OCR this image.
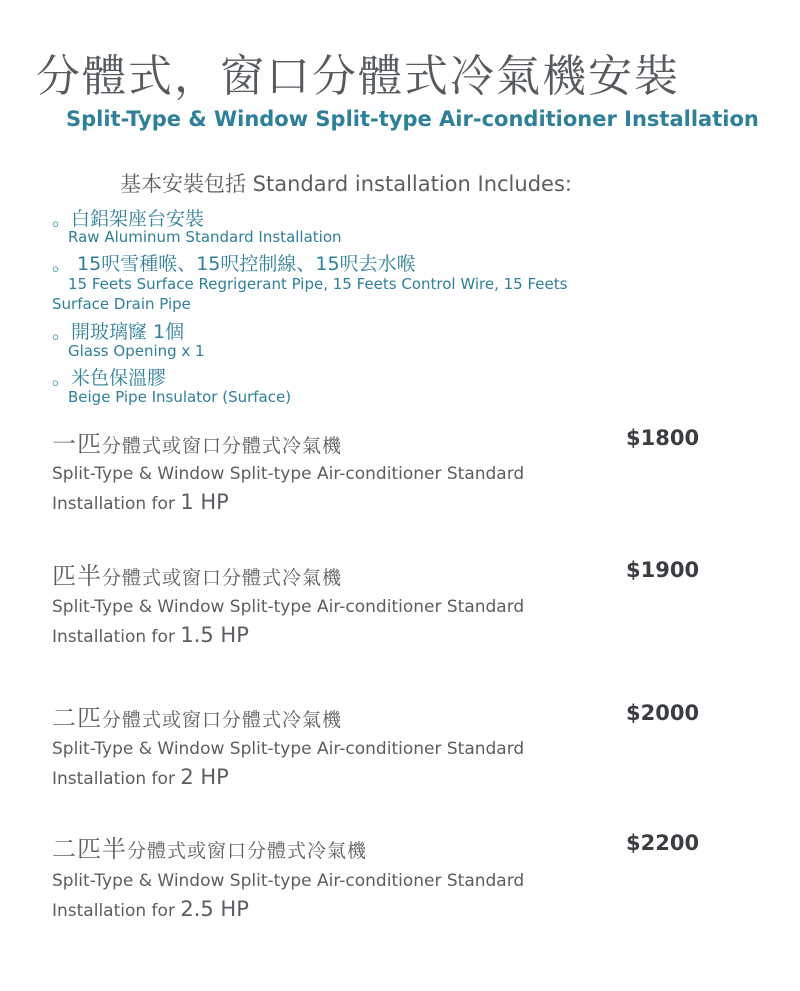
分體式，窗口分體式冷氣機安裝
Split-Type & Window Split-type Air-conditioner Installation
基本安裝包括 Standard installation Includes:
。白鋁架座台安裝
Raw Aluminum Standard Installation
。 15呎雪種喉、15呎控制線、15呎去水喉
15 Feets Surface Regrigerant Pipe, 15 Feets Control Wire, 15 Feets Surface Drain Pipe
。開玻璃窿 1個
Glass Opening x 1
。米色保溫膠
Beige Pipe Insulator (Surface)
一匹分體式或窗口分體式冷氣機	$1800
Split-Type & Window Split-type Air-conditioner Standard
Installation for 1 HP
匹半分體式或窗口分體式冷氣機	$1900
Split-Type & Window Split-type Air-conditioner Standard
Installation for 1.5 HP
二匹分體式或窗口分體式冷氣機	$2000
Split-Type & Window Split-type Air-conditioner Standard
Installation for 2 HP
二匹半分體式或窗口分體式冷氣機	$2200
Split-Type & Window Split-type Air-conditioner Standard
Installation for 2.5 HP
